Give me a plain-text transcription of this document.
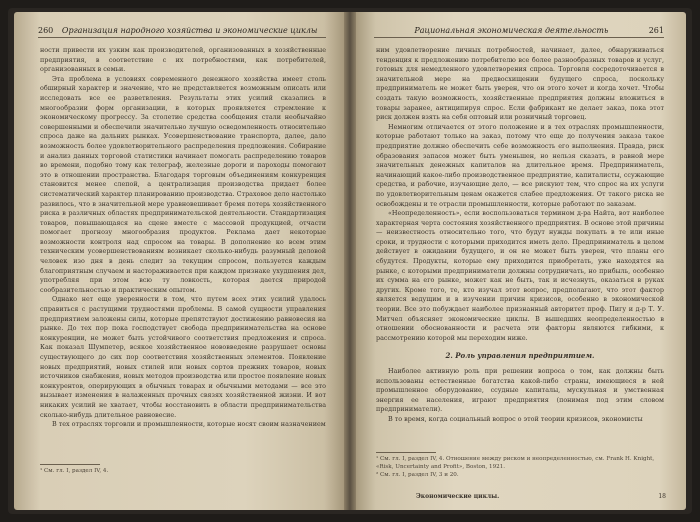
260 Организация народного хозяйства и экономические циклы

ности привести их узким как производителей, организованных в хозяйственные предприятия, в соответствие с их потребностями, как потребителей, организованных в семьи.

Эта проблема в условиях современного денежного хозяйства имеет столь обширный характер и значение, что не представляется возможным описать или исследовать все ее разветвления. Результаты этих усилий сказались в многообразии форм организации, в которых проявляется стремление к экономическому прогрессу. За столетие средства сообщения стали необычайно совершенными и обеспечили значительно лучшую осведомленность относительно спроса даже на дальних рынках. Усовершенствование транспорта, далее, дало возможность более удовлетворительного распределения предложения. Собирание и анализ данных торговой статистики начинает помогать распределению товаров во времени, подобно тому как телеграф, железные дороги и пароходы помогают это в отношении пространства. Благодаря торговым объединениям конкуренция становится менее слепой, а централизация производства придает более систематический характер планированию производства. Страховое дело настолько развилось, что в значительной мере уравновешивает бремя потерь хозяйственного риска в различных областях предпринимательской деятельности. Стандартизация товаров, повышающаяся на сцене вместе с массовой продукцией, отчасти помогает прогнозу многообразия продуктов. Реклама дает некоторые возможности контроля над спросом на товары. В дополнение ко всем этим техническим усовершенствованиям возникает сколько-нибудь разумный деловой человек изо дня в день следит за текущим спросом, пользуется каждым благоприятным случаем и настораживается при каждом признаке ухудшения дел, употребляя при этом всю ту ловкость, которая дается природой сообразительностью и практическим опытом.

Однако нет еще уверенности в том, что путем всех этих усилий удалось справиться с растущими трудностями проблемы. В самой сущности управления предприятием заложены силы, которые препятствуют достижению равновесия на рынке. До тех пор пока господствует свобода предпринимательства на основе конкуренции, не может быть устойчивого соответствия предложения и спроса. Как показал Шумпетер, всякое хозяйственное нововведение разрушает основы существующего до сих пор соответствия хозяйственных элементов. Появление новых предприятий, новых стилей или новых сортов прежних товаров, новых источников снабжения, новых методов производства или простое появление новых конкурентов, оперирующих в обычных товарах и обычными методами — все это вызывает изменения в налаженных прочных связях хозяйственной жизни. И вот никаких усилий не хватает, чтобы восстановить в области предпринимательства сколько-нибудь длительное равновесие.

В тех отраслях торговли и промышленности, которые носят своим назначением

¹ См. гл. I, раздел IV, 4.
Рациональная экономическая деятельность	261

ним удовлетворение личных потребностей, начинает, далее, обнаруживаться тенденция к предложению потребителю все более разнообразных товаров и услуг, готовых для немедленного удовлетворения спроса. Торговля сосредоточивается в значительной мере на предвосхищении будущего спроса, поскольку предприниматель не может быть уверен, что он этого хочет и когда хочет. Чтобы создать такую возможность, хозяйственные предприятия должны вложиться в товары заранее, антиципируя спрос. Если фабрикант не делает заказ, пока этот риск должен взять на себя оптовый или розничный торговец.

Немногим отличается от этого положение и в тех отраслях промышленности, которые работают только на заказ, потому что еще до получения заказа такое предприятие должно обеспечить себе возможность его выполнения. Правда, риск образования запасов может быть уменьшен, но нельзя сказать, в равной мере значительных денежных капиталов на длительное время. Предприниматель, начинающий какое-либо производственное предприятие, капиталисты, ссужающие средства, и рабочие, изучающие дело, — все рискуют тем, что спрос на их услуги по удовлетворительным ценам окажется слабее предложения. От такого риска не освобождены и те отрасли промышленности, которые работают по заказам.

«Неопределенность», если воспользоваться термином д-ра Найта, вот наиболее характерная черта состояния хозяйственного предприятия. В основе этой причины — неизвестность относительно того, что будут нужды покупать в те или иные сроки, и трудности с которыми приходится иметь дело. Предприниматель в целом действует в ожидании будущего, и он не может быть уверен, что планы его сбудутся. Продукты, которые ему приходится приобретать, уже находятся на рынке, с которыми предприниматели должны сотрудничать, но прибыль, особенно их сумма на его рынке, может как не быть, так и исчезнуть, оказаться в руках других. Кроме того, те, кто изучал этот вопрос, предполагают, что этот фактор является ведущим и в изучении причин кризисов, особенно в экономической теории. Все это побуждает наиболее признанный авторитет проф. Пигу и д-р Т. У. Митчел объясняет экономические циклы. В вышедших неопределенностью в отношении обоснованности и расчета эти факторы являются гибкими, к рассмотрению которой мы переходим ниже.

2. Роль управления предприятием.

Наиболее активную роль при решении вопроса о том, как должны быть использованы естественные богатства какой-либо страны, имеющиеся в ней промышленное оборудование, ссудные капиталы, мускульная и умственная энергия ее населения, играют предприятия (понимая под этим словом предприниматели).

В то время, когда социальный вопрос о этой теории кризисов, экономисты

¹ См. гл. I, раздел IV, 4. Отношение между риском и неопределенностью, см. Frank H. Knight, «Risk, Uncertainty and Profit», Boston, 1921.
² См. гл. I, раздел IV, 3 и 20.
Экономические циклы.	18
